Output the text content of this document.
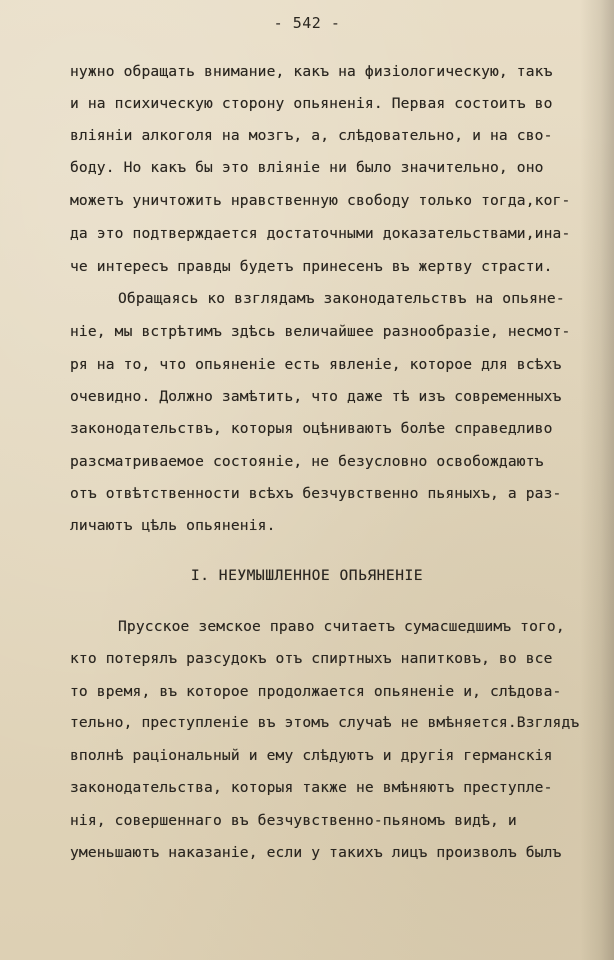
- 542 -
нужно обращать внимание, какъ на физiологическую, такъ
и на психическую сторону опьяненiя. Первая состоитъ во
влiянiи алкоголя на мозгъ, а, слѣдовательно, и на сво-
боду. Но какъ бы это влiянiе ни было значительно, оно
можетъ уничтожить нравственную свободу только тогда,ког-
да это подтверждается достаточными доказательствами,ина-
че интересъ правды будетъ принесенъ въ жертву страсти.
Обращаясь ко взглядамъ законодательствъ на опьяне-
нiе, мы встрѣтимъ здѣсь величайшее разнообразiе, несмот-
ря на то, что опьяненiе есть явленiе, которое для всѣхъ
очевидно. Должно замѣтить, что даже тѣ изъ современныхъ
законодательствъ, которыя оцѣниваютъ болѣе справедливо
разсматриваемое состоянiе, не безусловно освобождаютъ
отъ отвѣтственности всѣхъ безчувственно пьяныхъ, а раз-
личаютъ цѣль опьяненiя.
I. НЕУМЫШЛЕННОЕ ОПЬЯНЕНIЕ
Прусское земское право считаетъ сумасшедшимъ того,
кто потерялъ разсудокъ отъ спиртныхъ напитковъ, во все
то время, въ которое продолжается опьяненiе и, слѣдова-
тельно, преступленiе въ этомъ случаѣ не вмѣняется.Взглядъ
вполнѣ рацiональный и ему слѣдуютъ и другiя германскiя
законодательства, которыя также не вмѣняютъ преступле-
нiя, совершеннаго въ безчувственно-пьяномъ видѣ, и
уменьшаютъ наказанiе, если у такихъ лицъ произволъ былъ
